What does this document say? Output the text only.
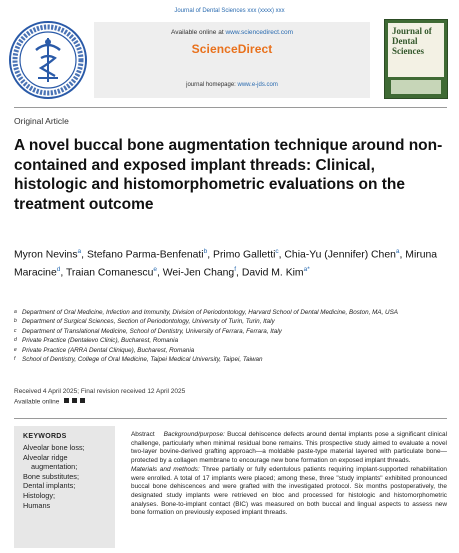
Journal of Dental Sciences xxx (xxxx) xxx
Available online at www.sciencedirect.com
ScienceDirect
journal homepage: www.e-jds.com
Journal of Dental Sciences
Original Article
A novel buccal bone augmentation technique around non-contained and exposed implant threads: Clinical, histologic and histomorphometric evaluations on the treatment outcome
Myron Nevins$^a$, Stefano Parma-Benfenati$^b$, Primo Galletti$^c$, Chia-Yu (Jennifer) Chen$^a$, Miruna Maracine$^d$, Traian Comanescu$^e$, Wei-Jen Chang$^f$, David M. Kim$^{a*}$
a Department of Oral Medicine, Infection and Immunity, Division of Periodontology, Harvard School of Dental Medicine, Boston, MA, USA
b Department of Surgical Sciences, Section of Periodontology, University of Turin, Turin, Italy
c Department of Translational Medicine, School of Dentistry, University of Ferrara, Ferrara, Italy
d Private Practice (Dentalevo Clinic), Bucharest, Romania
e Private Practice (ARRA Dental Clinique), Bucharest, Romania
f	School of Dentistry, College of Oral Medicine, Taipei Medical University, Taipei, Taiwan
Received 4 April 2025; Final revision received 12 April 2025
Available online
KEYWORDS
Alveolar bone loss;
Alveolar ridge
augmentation;
Bone substitutes;
Dental implants;
Histology;
Humans
Abstract Background/purpose: Buccal dehiscence defects around dental implants pose a significant clinical challenge, particularly when minimal residual bone remains. This prospective study aimed to evaluate a novel two-layer bovine-derived grafting approach—a moldable paste-type material layered with particulate bone—protected by a collagen membrane to encourage new bone formation on exposed implant threads.
Materials and methods: Three partially or fully edentulous patients requiring implant-supported rehabilitation were enrolled. A total of 17 implants were placed; among these, three "study implants" exhibited pronounced buccal bone dehiscences and were grafted with the investigated protocol. Six months postoperatively, the designated study implants were retrieved en bloc and processed for histologic and histomorphometric analyses. Bone-to-implant contact (BIC) was measured on both buccal and lingual aspects to assess new bone formation on previously exposed implant threads.
